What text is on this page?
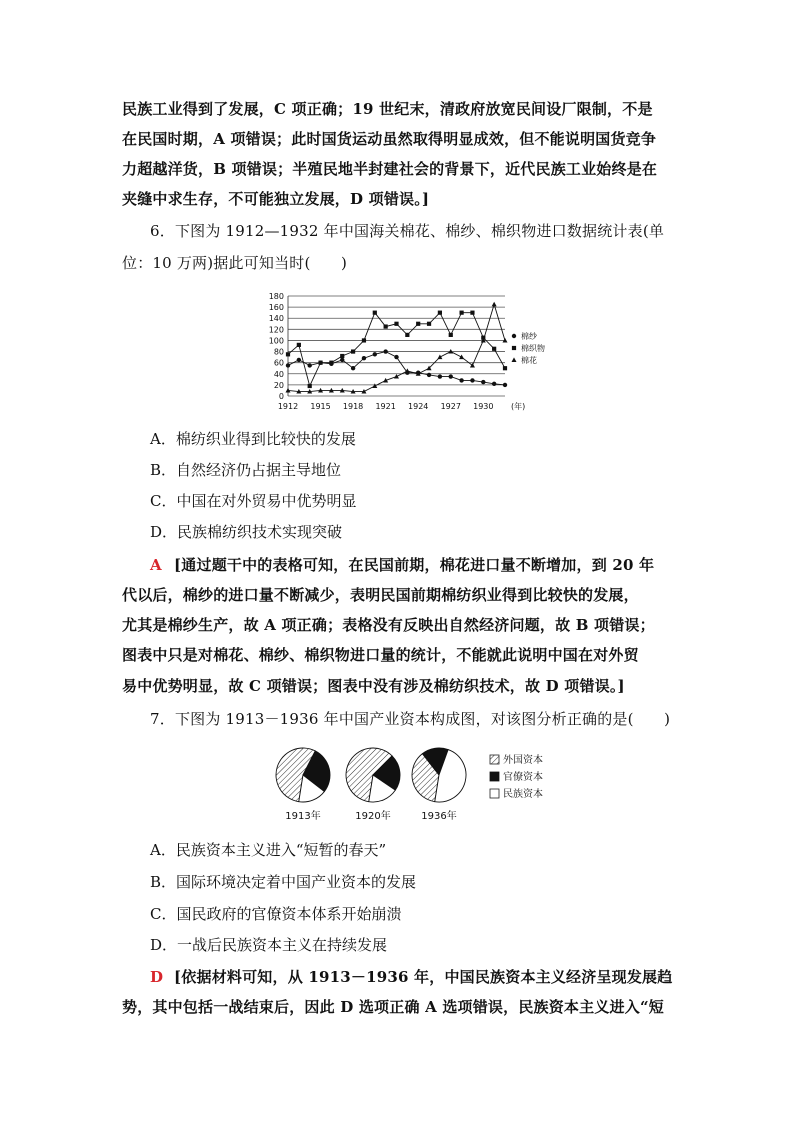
民族工业得到了发展，C 项正确；19 世纪末，清政府放宽民间设厂限制，不是
在民国时期，A 项错误；此时国货运动虽然取得明显成效，但不能说明国货竞争
力超越洋货，B 项错误；半殖民地半封建社会的背景下，近代民族工业始终是在
夹缝中求生存，不可能独立发展，D 项错误。]
6．下图为 1912—1932 年中国海关棉花、棉纱、棉织物进口数据统计表(单
位：10 万两)据此可知当时(　　)
0
20
40
60
80
100
120
140
160
180
1912 1915 1918 1921 1924 1927 1930 (年)
棉纱
棉织物
棉花
A．棉纺织业得到比较快的发展
B．自然经济仍占据主导地位
C．中国在对外贸易中优势明显
D．民族棉纺织技术实现突破
A [通过题干中的表格可知，在民国前期，棉花进口量不断增加，到 20 年
代以后，棉纱的进口量不断减少，表明民国前期棉纺织业得到比较快的发展，
尤其是棉纱生产，故 A 项正确；表格没有反映出自然经济问题，故 B 项错误；
图表中只是对棉花、棉纱、棉织物进口量的统计，不能就此说明中国在对外贸
易中优势明显，故 C 项错误；图表中没有涉及棉纺织技术，故 D 项错误。]
7．下图为 1913－1936 年中国产业资本构成图，对该图分析正确的是(　　)
1913年	1920年	1936年
外国资本
官僚资本
民族资本
A．民族资本主义进入“短暂的春天”
B．国际环境决定着中国产业资本的发展
C．国民政府的官僚资本体系开始崩溃
D．一战后民族资本主义在持续发展
D [依据材料可知，从 1913－1936 年，中国民族资本主义经济呈现发展趋
势，其中包括一战结束后，因此 D 选项正确 A 选项错误，民族资本主义进入“短
